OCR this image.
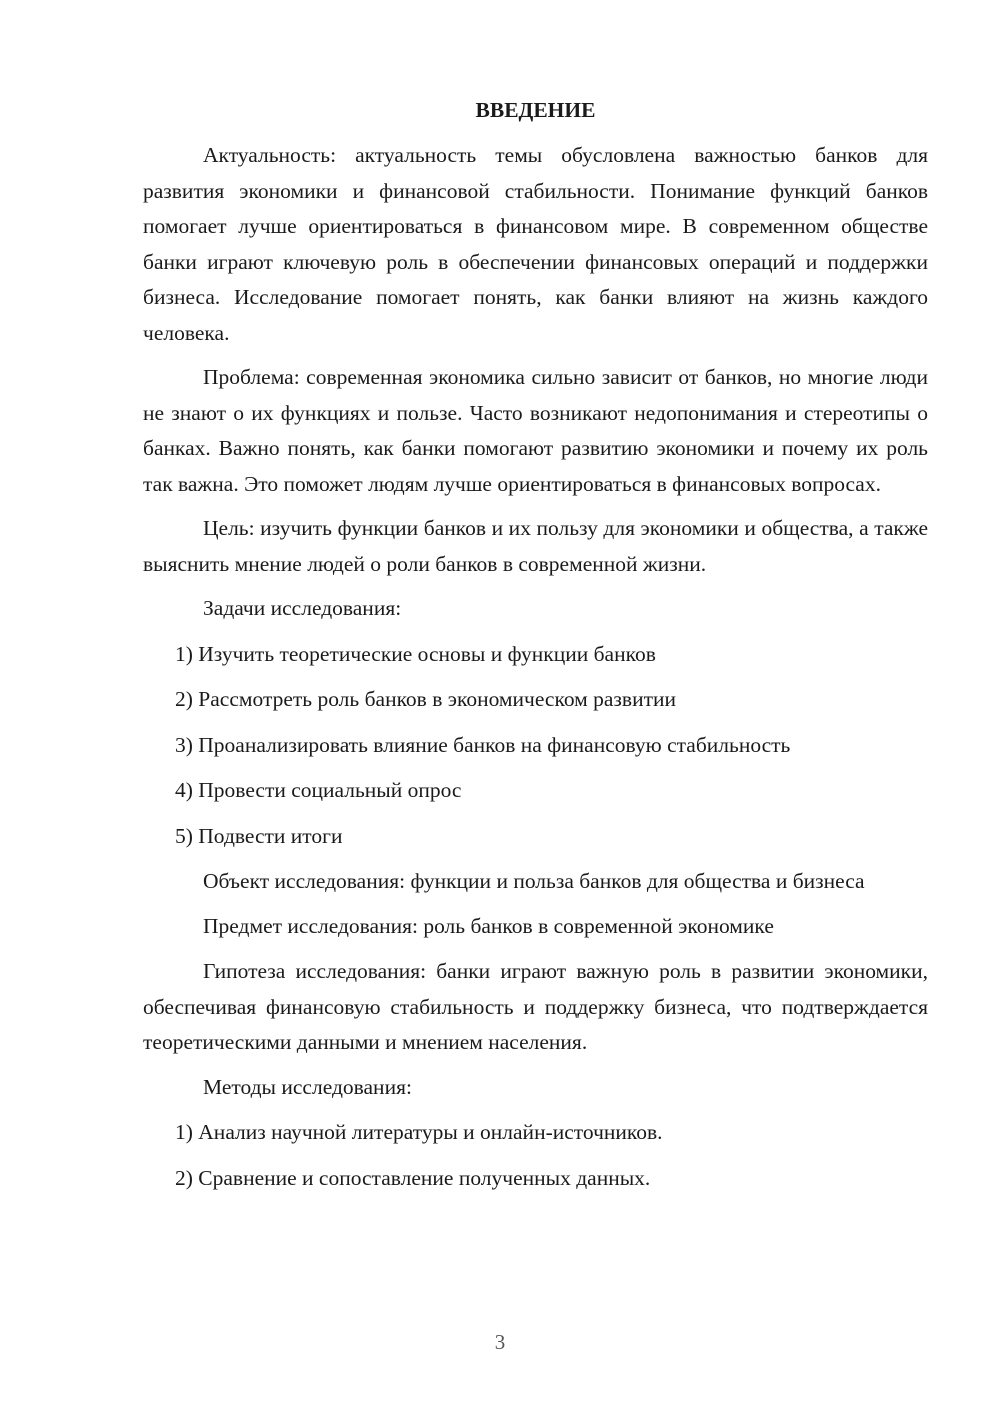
ВВЕДЕНИЕ
Актуальность: актуальность темы обусловлена важностью банков для развития экономики и финансовой стабильности. Понимание функций банков помогает лучше ориентироваться в финансовом мире. В современном обществе банки играют ключевую роль в обеспечении финансовых операций и поддержки бизнеса. Исследование помогает понять, как банки влияют на жизнь каждого человека.
Проблема: современная экономика сильно зависит от банков, но многие люди не знают о их функциях и пользе. Часто возникают недопонимания и стереотипы о банках. Важно понять, как банки помогают развитию экономики и почему их роль так важна. Это поможет людям лучше ориентироваться в финансовых вопросах.
Цель: изучить функции банков и их пользу для экономики и общества, а также выяснить мнение людей о роли банков в современной жизни.
Задачи исследования:
1) Изучить теоретические основы и функции банков
2) Рассмотреть роль банков в экономическом развитии
3) Проанализировать влияние банков на финансовую стабильность
4) Провести социальный опрос
5) Подвести итоги
Объект исследования: функции и польза банков для общества и бизнеса
Предмет исследования: роль банков в современной экономике
Гипотеза исследования: банки играют важную роль в развитии экономики, обеспечивая финансовую стабильность и поддержку бизнеса, что подтверждается теоретическими данными и мнением населения.
Методы исследования:
1) Анализ научной литературы и онлайн-источников.
2) Сравнение и сопоставление полученных данных.
3
